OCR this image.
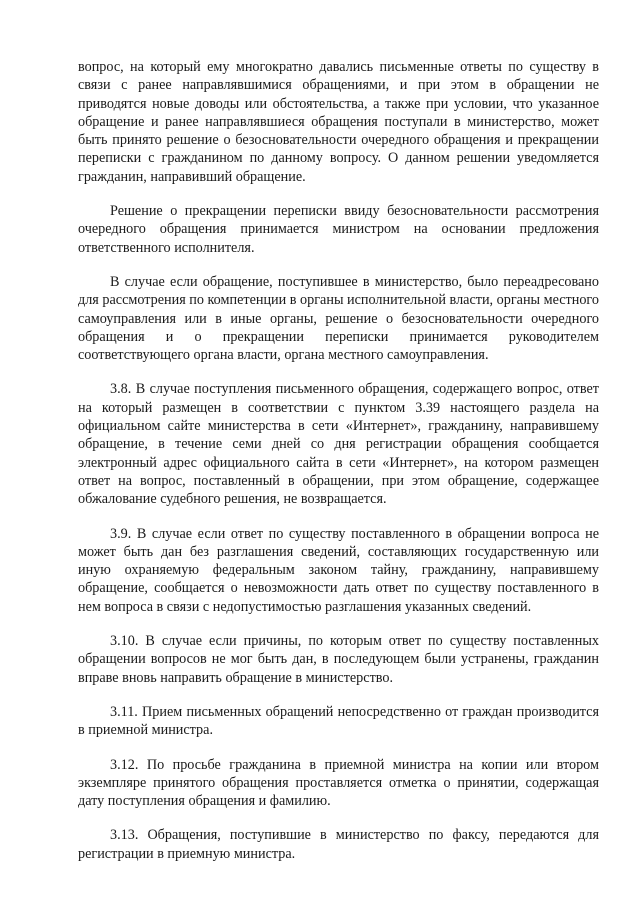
вопрос, на который ему многократно давались письменные ответы по существу в связи с ранее направлявшимися обращениями, и при этом в обращении не приводятся новые доводы или обстоятельства, а также при условии, что указанное обращение и ранее направлявшиеся обращения поступали в министерство, может быть принято решение о безосновательности очередного обращения и прекращении переписки с гражданином по данному вопросу. О данном решении уведомляется гражданин, направивший обращение.

Решение о прекращении переписки ввиду безосновательности рассмотрения очередного обращения принимается министром на основании предложения ответственного исполнителя.

В случае если обращение, поступившее в министерство, было переадресовано для рассмотрения по компетенции в органы исполнительной власти, органы местного самоуправления или в иные органы, решение о безосновательности очередного обращения и о прекращении переписки принимается руководителем соответствующего органа власти, органа местного самоуправления.

3.8. В случае поступления письменного обращения, содержащего вопрос, ответ на который размещен в соответствии с пунктом 3.39 настоящего раздела на официальном сайте министерства в сети «Интернет», гражданину, направившему обращение, в течение семи дней со дня регистрации обращения сообщается электронный адрес официального сайта в сети «Интернет», на котором размещен ответ на вопрос, поставленный в обращении, при этом обращение, содержащее обжалование судебного решения, не возвращается.

3.9. В случае если ответ по существу поставленного в обращении вопроса не может быть дан без разглашения сведений, составляющих государственную или иную охраняемую федеральным законом тайну, гражданину, направившему обращение, сообщается о невозможности дать ответ по существу поставленного в нем вопроса в связи с недопустимостью разглашения указанных сведений.

3.10. В случае если причины, по которым ответ по существу поставленных обращении вопросов не мог быть дан, в последующем были устранены, гражданин вправе вновь направить обращение в министерство.

3.11. Прием письменных обращений непосредственно от граждан производится в приемной министра.

3.12. По просьбе гражданина в приемной министра на копии или втором экземпляре принятого обращения проставляется отметка о принятии, содержащая дату поступления обращения и фамилию.

3.13. Обращения, поступившие в министерство по факсу, передаются для регистрации в приемную министра.
